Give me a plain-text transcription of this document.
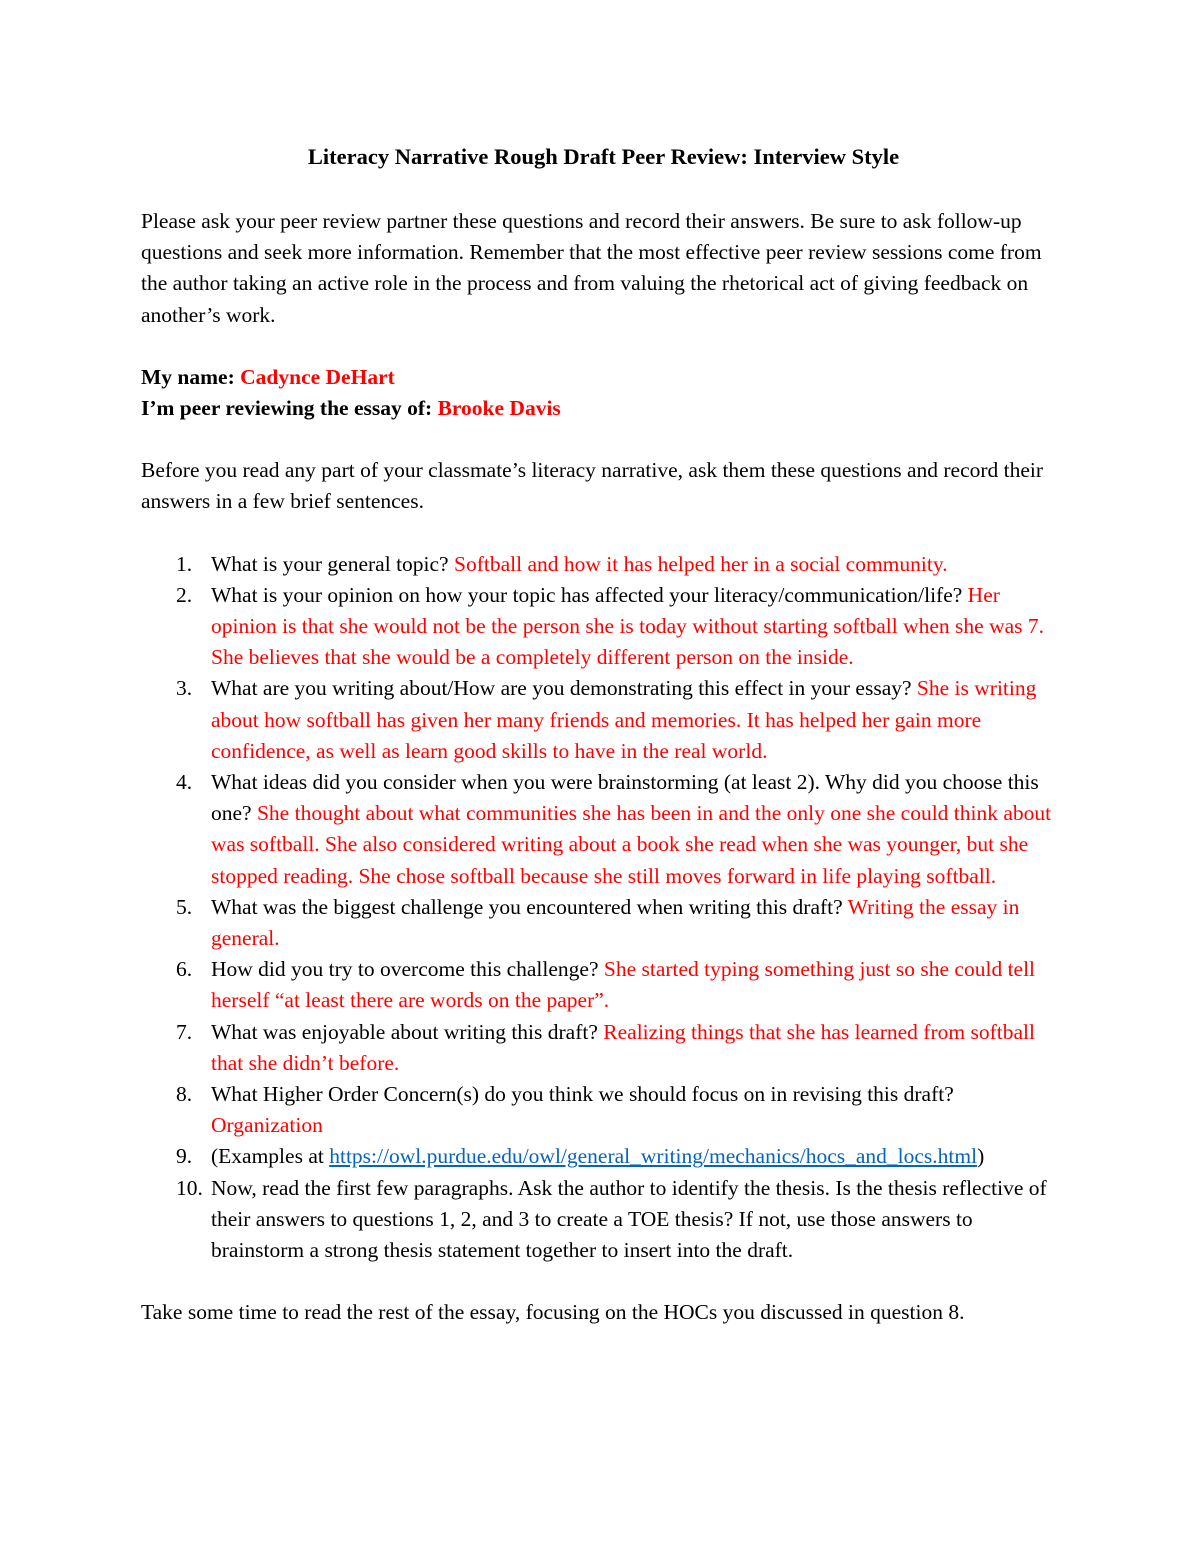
Literacy Narrative Rough Draft Peer Review: Interview Style
Please ask your peer review partner these questions and record their answers. Be sure to ask follow-up questions and seek more information. Remember that the most effective peer review sessions come from the author taking an active role in the process and from valuing the rhetorical act of giving feedback on another’s work.
My name: Cadynce DeHart
I’m peer reviewing the essay of: Brooke Davis
Before you read any part of your classmate’s literacy narrative, ask them these questions and record their answers in a few brief sentences.
1. What is your general topic? Softball and how it has helped her in a social community.
2. What is your opinion on how your topic has affected your literacy/communication/life? Her opinion is that she would not be the person she is today without starting softball when she was 7. She believes that she would be a completely different person on the inside.
3. What are you writing about/How are you demonstrating this effect in your essay? She is writing about how softball has given her many friends and memories. It has helped her gain more confidence, as well as learn good skills to have in the real world.
4. What ideas did you consider when you were brainstorming (at least 2). Why did you choose this one? She thought about what communities she has been in and the only one she could think about was softball. She also considered writing about a book she read when she was younger, but she stopped reading. She chose softball because she still moves forward in life playing softball.
5. What was the biggest challenge you encountered when writing this draft? Writing the essay in general.
6. How did you try to overcome this challenge? She started typing something just so she could tell herself “at least there are words on the paper”.
7. What was enjoyable about writing this draft? Realizing things that she has learned from softball that she didn’t before.
8. What Higher Order Concern(s) do you think we should focus on in revising this draft? Organization
9. (Examples at https://owl.purdue.edu/owl/general_writing/mechanics/hocs_and_locs.html)
10. Now, read the first few paragraphs. Ask the author to identify the thesis. Is the thesis reflective of their answers to questions 1, 2, and 3 to create a TOE thesis? If not, use those answers to brainstorm a strong thesis statement together to insert into the draft.
Take some time to read the rest of the essay, focusing on the HOCs you discussed in question 8.
